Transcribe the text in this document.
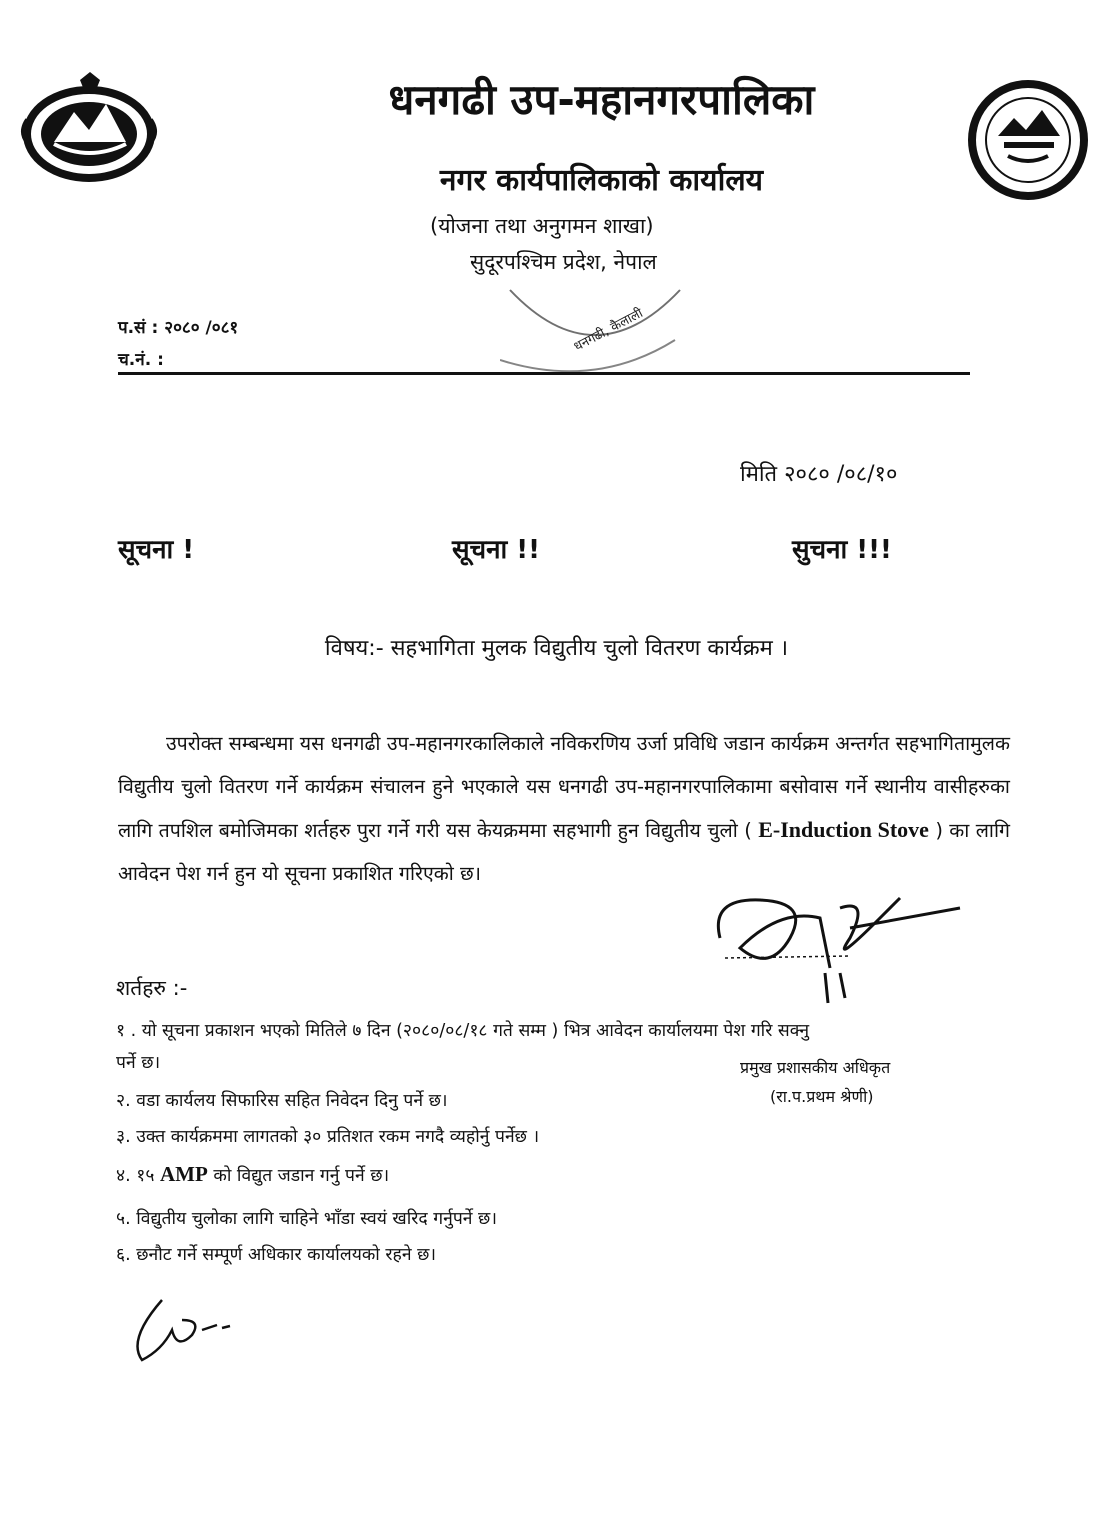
धनगढी उप-महानगरपालिका
नगर कार्यपालिकाको कार्यालय
(योजना तथा अनुगमन शाखा)
सुदूरपश्चिम प्रदेश, नेपाल
धनगढी, कैलाली
प.सं : २०८० /०८१
च.नं. :
मिति २०८० /०८/१०
सूचना !	सूचना !!	सुचना !!!
विषय:- सहभागिता मुलक विद्युतीय चुलो वितरण कार्यक्रम ।

उपरोक्त सम्बन्धमा यस धनगढी उप-महानगरकालिकाले नविकरणिय उर्जा प्रविधि जडान कार्यक्रम अन्तर्गत सहभागितामुलक विद्युतीय चुलो वितरण गर्ने कार्यक्रम संचालन हुने भएकाले यस धनगढी उप-महानगरपालिकामा बसोवास गर्ने स्थानीय वासीहरुका लागि तपशिल बमोजिमका शर्तहरु पुरा गर्ने गरी यस केयक्रममा सहभागी हुन विद्युतीय चुलो ( E-Induction Stove ) का लागि आवेदन पेश गर्न हुन यो सूचना प्रकाशित गरिएको छ।

शर्तहरु :-
१ . यो सूचना प्रकाशन भएको मितिले ७ दिन (२०८०/०८/१८ गते सम्म ) भित्र आवेदन कार्यालयमा पेश गरि सक्नु
पर्ने छ।
२. वडा कार्यलय सिफारिस सहित निवेदन दिनु पर्ने छ।
३. उक्त कार्यक्रममा लागतको ३० प्रतिशत रकम नगदै व्यहोर्नु पर्नेछ ।
४. १५ AMP को विद्युत जडान गर्नु पर्ने छ।
५. विद्युतीय चुलोका लागि चाहिने भाँडा स्वयं खरिद गर्नुपर्ने छ।
६. छनौट गर्ने सम्पूर्ण अधिकार कार्यालयको रहने छ।
प्रमुख प्रशासकीय अधिकृत
(रा.प.प्रथम श्रेणी)
